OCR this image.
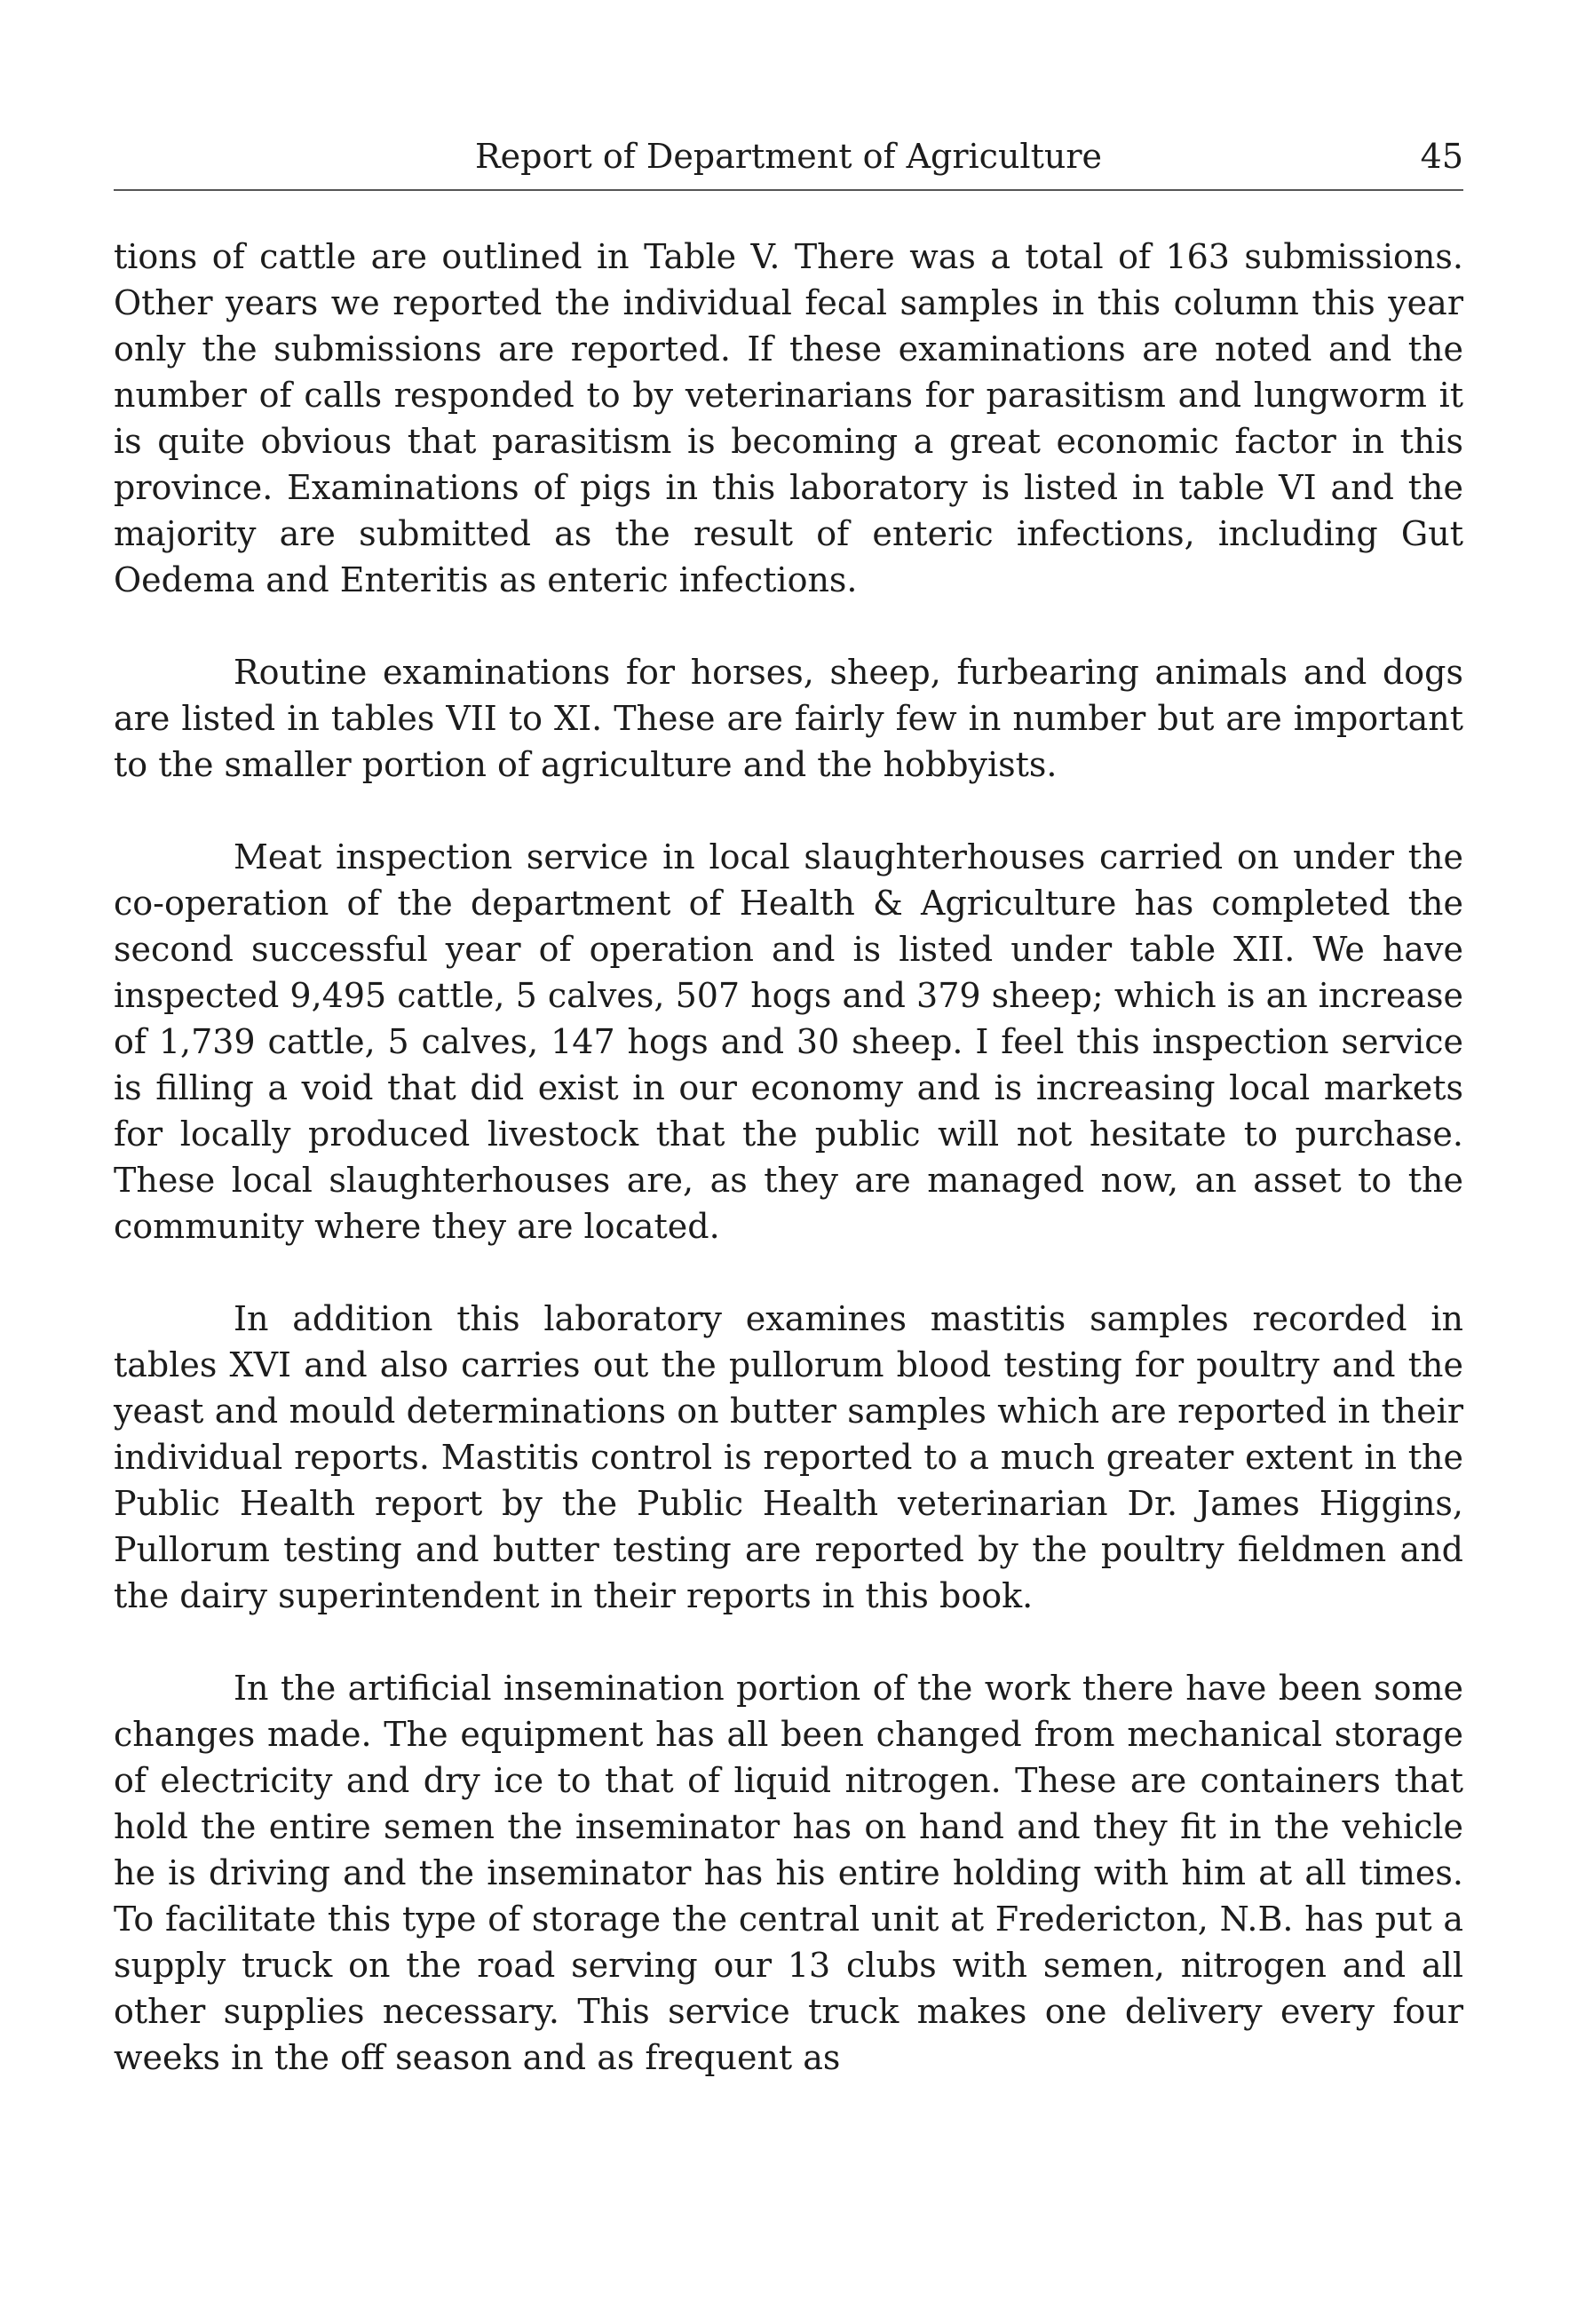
Report of Department of Agriculture	45

tions of cattle are outlined in Table V. There was a total of 163 submissions. Other years we reported the individual fecal samples in this column this year only the submissions are reported. If these examinations are noted and the number of calls responded to by veterinarians for parasitism and lungworm it is quite obvious that parasitism is becoming a great economic factor in this province. Examinations of pigs in this laboratory is listed in table VI and the majority are submitted as the result of enteric infections, including Gut Oedema and Enteritis as enteric infections.

Routine examinations for horses, sheep, furbearing animals and dogs are listed in tables VII to XI. These are fairly few in number but are important to the smaller portion of agriculture and the hobbyists.

Meat inspection service in local slaughterhouses carried on under the co-operation of the department of Health & Agriculture has completed the second successful year of operation and is listed under table XII. We have inspected 9,495 cattle, 5 calves, 507 hogs and 379 sheep; which is an increase of 1,739 cattle, 5 calves, 147 hogs and 30 sheep. I feel this inspection service is filling a void that did exist in our economy and is increasing local markets for locally produced livestock that the public will not hesitate to purchase. These local slaughterhouses are, as they are managed now, an asset to the community where they are located.

In addition this laboratory examines mastitis samples recorded in tables XVI and also carries out the pullorum blood testing for poultry and the yeast and mould determinations on butter samples which are reported in their individual reports. Mastitis control is reported to a much greater extent in the Public Health report by the Public Health veterinarian Dr. James Higgins, Pullorum testing and butter testing are reported by the poultry fieldmen and the dairy superintendent in their reports in this book.

In the artificial insemination portion of the work there have been some changes made. The equipment has all been changed from mechanical storage of electricity and dry ice to that of liquid nitrogen. These are containers that hold the entire semen the inseminator has on hand and they fit in the vehicle he is driving and the inseminator has his entire holding with him at all times. To facilitate this type of storage the central unit at Fredericton, N.B. has put a supply truck on the road serving our 13 clubs with semen, nitrogen and all other supplies necessary. This service truck makes one delivery every four weeks in the off season and as frequent as
